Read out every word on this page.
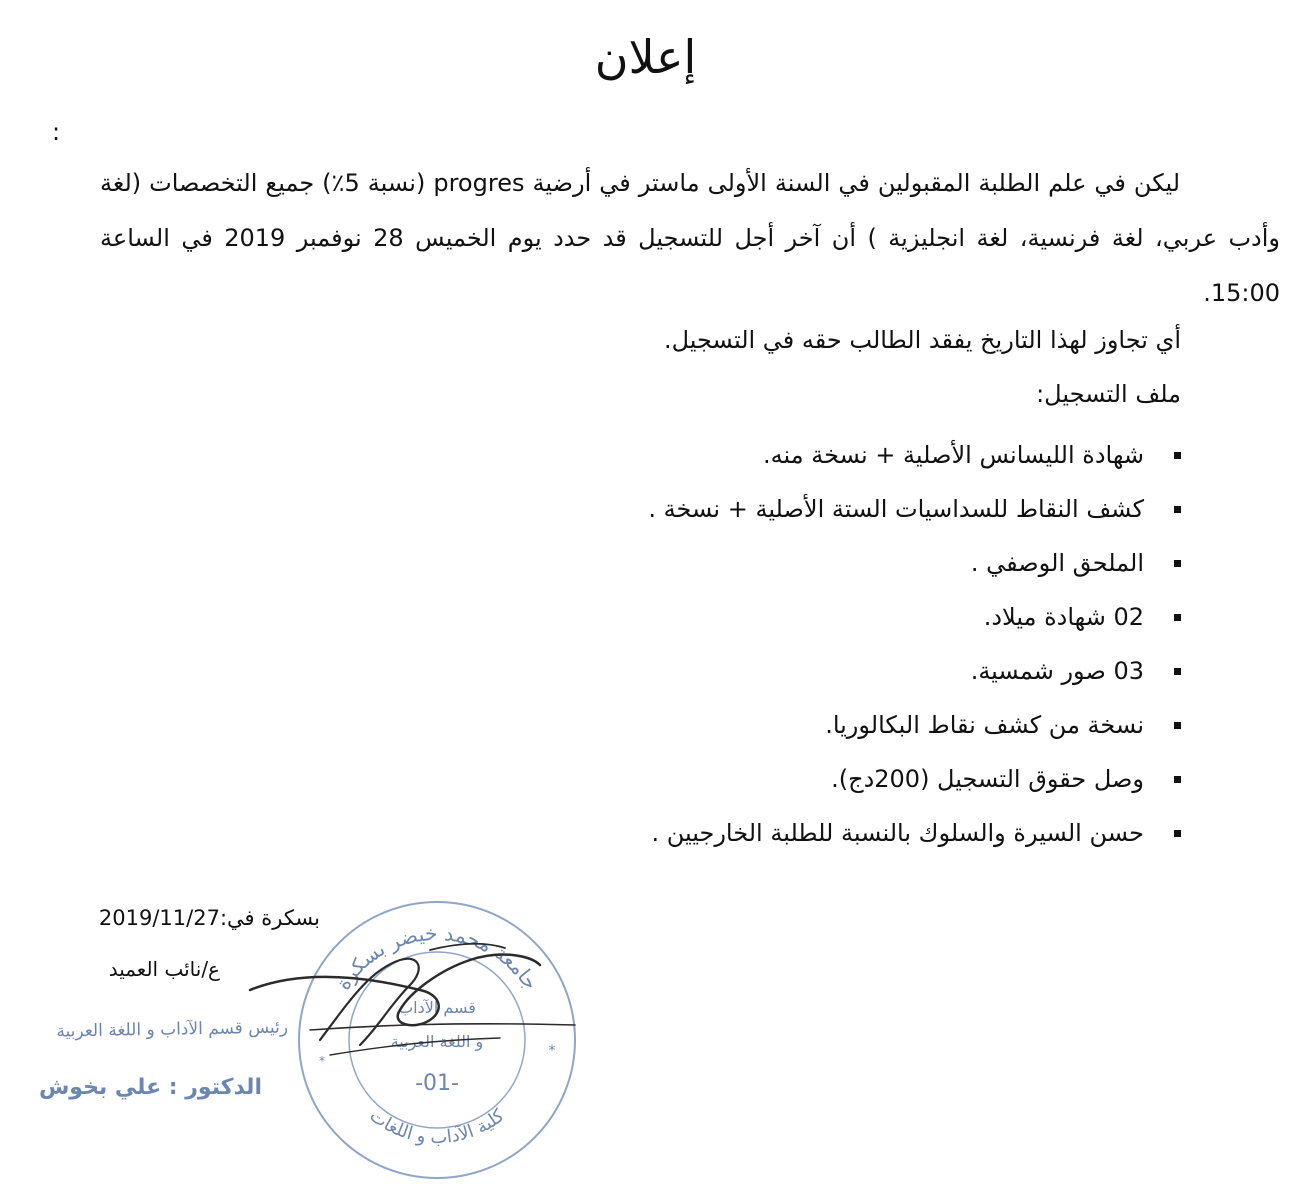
إعلان
:
ليكن في علم الطلبة المقبولين في السنة الأولى ماستر في أرضية progres (نسبة 5٪) جميع التخصصات (لغة وأدب عربي، لغة فرنسية، لغة انجليزية ) أن آخر أجل للتسجيل قد حدد يوم الخميس 28 نوفمبر 2019 في الساعة 15:00.
أي تجاوز لهذا التاريخ يفقد الطالب حقه في التسجيل.
ملف التسجيل:
شهادة الليسانس الأصلية + نسخة منه.
كشف النقاط للسداسيات الستة الأصلية + نسخة .
الملحق الوصفي .
02 شهادة ميلاد.
03 صور شمسية.
نسخة من كشف نقاط البكالوريا.
وصل حقوق التسجيل (200دج).
حسن السيرة والسلوك بالنسبة للطلبة الخارجيين .
بسكرة في:2019/11/27
ع/نائب العميد
رئيس قسم الآداب و اللغة العربية
الدكتور : علي بخوش
جامعة محمد خيضر بسكرة
كلية الآداب و اللغات
قسم الآداب
و اللغة العربية
-01-
*
*
